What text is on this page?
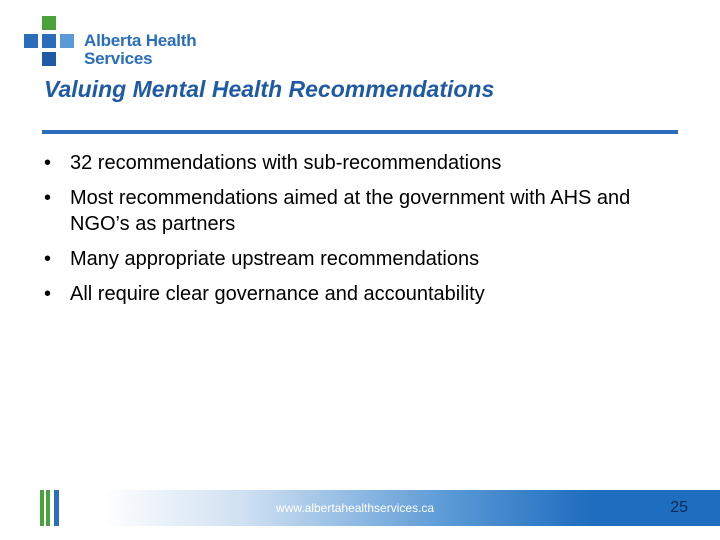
Alberta Health
Services
Valuing Mental Health Recommendations
• 32 recommendations with sub-recommendations
• Most recommendations aimed at the government with AHS and NGO’s as partners
• Many appropriate upstream recommendations
• All require clear governance and accountability
www.albertahealthservices.ca	25
